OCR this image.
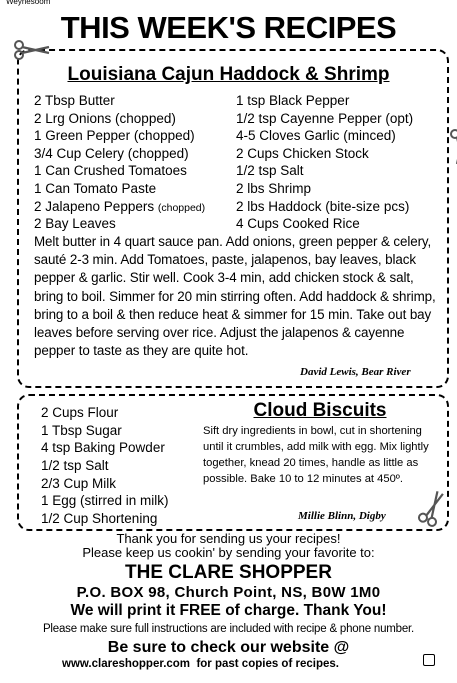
Weynesoom
THIS WEEK'S RECIPES
Louisiana Cajun Haddock & Shrimp
2 Tbsp Butter
2 Lrg Onions (chopped)
1 Green Pepper (chopped)
3/4 Cup Celery (chopped)
1 Can Crushed Tomatoes
1 Can Tomato Paste
2 Jalapeno Peppers (chopped)
2 Bay Leaves
1 tsp Black Pepper
1/2 tsp Cayenne Pepper (opt)
4-5 Cloves Garlic (minced)
2 Cups Chicken Stock
1/2 tsp Salt
2 lbs Shrimp
2 lbs Haddock (bite-size pcs)
4 Cups Cooked Rice
Melt butter in 4 quart sauce pan. Add onions, green pepper & celery, sauté 2-3 min. Add Tomatoes, paste, jalapenos, bay leaves, black pepper & garlic. Stir well. Cook 3-4 min, add chicken stock & salt, bring to boil. Simmer for 20 min stirring often. Add haddock & shrimp, bring to a boil & then reduce heat & simmer for 15 min. Take out bay leaves before serving over rice. Adjust the jalapenos & cayenne pepper to taste as they are quite hot.
David Lewis, Bear River
2 Cups Flour
1 Tbsp Sugar
4 tsp Baking Powder
1/2 tsp Salt
2/3 Cup Milk
1 Egg (stirred in milk)
1/2 Cup Shortening
Cloud Biscuits
Sift dry ingredients in bowl, cut in shortening until it crumbles, add milk with egg. Mix lightly together, knead 20 times, handle as little as possible. Bake 10 to 12 minutes at 450º.
Millie Blinn, Digby
Thank you for sending us your recipes!
Please keep us cookin' by sending your favorite to:
THE CLARE SHOPPER
P.O. BOX 98, Church Point, NS, B0W 1M0
We will print it FREE of charge. Thank You!
Please make sure full instructions are included with recipe & phone number.
Be sure to check our website @
www.clareshopper.com for past copies of recipes.
